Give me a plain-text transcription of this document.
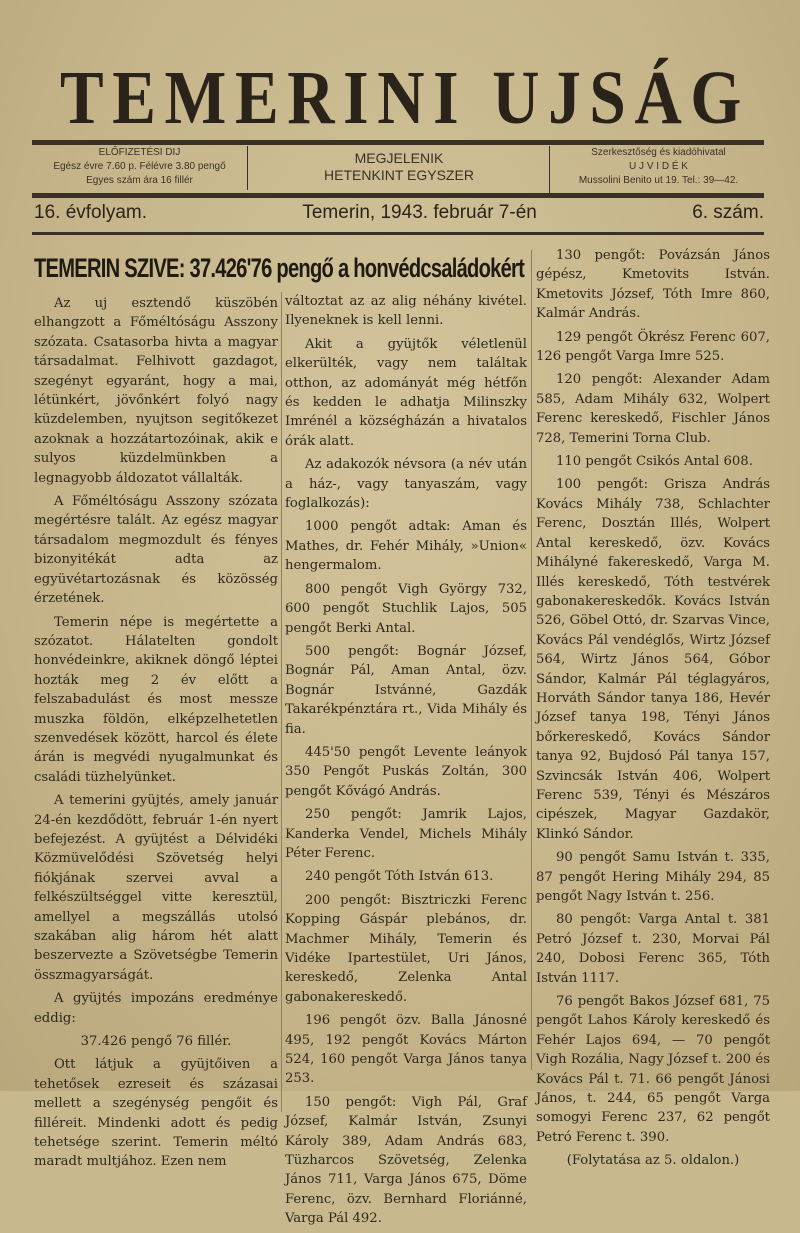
TEMERINI UJSÁG
ELŐFIZETÉSI DIJ
Egész évre 7.60 p. Félévre 3.80 pengő
Egyes szám ára 16 fillér
MEGJELENIK
HETENKINT EGYSZER
Szerkesztőség és kiadóhivatal
U J V I D É K
Mussolini Benito ut 19. Tel.: 39—42.
16. évfolyam.	Temerin, 1943. február 7-én	6. szám.
TEMERIN SZIVE: 37.426'76 pengő a honvédcsaládokért

Az uj esztendő küszöbén elhangzott a Főméltóságu Asszony szózata. Csatasorba hivta a magyar társadalmat. Felhivott gazdagot, szegényt egyaránt, hogy a mai, létünkért, jövőnkért folyó nagy küzdelemben, nyujtson segitőkezet azoknak a hozzátartozóinak, akik e sulyos küzdelmünkben a legnagyobb áldozatot vállalták.

A Főméltóságu Asszony szózata megértésre talált. Az egész magyar társadalom megmozdult és fényes bizonyitékát adta az együvétartozásnak és közösség érzetének.

Temerin népe is megértette a szózatot. Hálatelten gondolt honvédeinkre, akiknek döngő léptei hozták meg 2 év előtt a felszabadulást és most messze muszka földön, elképzelhetetlen szenvedések között, harcol és élete árán is megvédi nyugalmunkat és családi tüzhelyünket.

A temerini gyüjtés, amely január 24-én kezdődött, február 1-én nyert befejezést. A gyüjtést a Délvidéki Közmüvelődési Szövetség helyi fiókjának szervei avval a felkészültséggel vitte keresztül, amellyel a megszállás utolsó szakában alig három hét alatt beszervezte a Szövetségbe Temerin összmagyarságát.

A gyüjtés impozáns eredménye eddig:

37.426 pengő 76 fillér.

Ott látjuk a gyüjtőiven a tehetősek ezreseit és százasai mellett a szegénység pengőit és filléreit. Mindenki adott és pedig tehetsége szerint. Temerin méltó maradt multjához. Ezen nem

változtat az az alig néhány kivétel. Ilyeneknek is kell lenni.

Akit a gyüjtők véletlenül elkerülték, vagy nem találtak otthon, az adományát még hétfőn és kedden le adhatja Milinszky Imrénél a községházán a hivatalos órák alatt.

Az adakozók névsora (a név után a ház-, vagy tanyaszám, vagy foglalkozás):

1000 pengőt adtak: Aman és Mathes, dr. Fehér Mihály, »Union« hengermalom.

800 pengőt Vigh György 732, 600 pengőt Stuchlik Lajos, 505 pengőt Berki Antal.

500 pengőt: Bognár József, Bognár Pál, Aman Antal, özv. Bognár Istvánné, Gazdák Takarékpénztára rt., Vida Mihály és fia.

445'50 pengőt Levente leányok 350 Pengőt Puskás Zoltán, 300 pengőt Kővágó András.

250 pengőt: Jamrik Lajos, Kanderka Vendel, Michels Mihály Péter Ferenc.

240 pengőt Tóth István 613.

200 pengőt: Bisztriczki Ferenc Kopping Gáspár plebános, dr. Machmer Mihály, Temerin és Vidéke Ipartestület, Uri János, kereskedő, Zelenka Antal gabonakereskedő.

196 pengőt özv. Balla Jánosné 495, 192 pengőt Kovács Márton 524, 160 pengőt Varga János tanya 253.

150 pengőt: Vigh Pál, Graf József, Kalmár István, Zsunyi Károly 389, Adam András 683, Tüzharcos Szövetség, Zelenka János 711, Varga János 675, Döme Ferenc, özv. Bernhard Floriánné, Varga Pál 492.

130 pengőt: Povázsán János gépész, Kmetovits István. Kmetovits József, Tóth Imre 860, Kalmár András.

129 pengőt Ökrész Ferenc 607, 126 pengőt Varga Imre 525.

120 pengőt: Alexander Adam 585, Adam Mihály 632, Wolpert Ferenc kereskedő, Fischler János 728, Temerini Torna Club.

110 pengőt Csikós Antal 608.

100 pengőt: Grisza András Kovács Mihály 738, Schlachter Ferenc, Dosztán Illés, Wolpert Antal kereskedő, özv. Kovács Mihályné fakereskedő, Varga M. Illés kereskedő, Tóth testvérek gabonakereskedők. Kovács István 526, Göbel Ottó, dr. Szarvas Vince, Kovács Pál vendéglős, Wirtz József 564, Wirtz János 564, Góbor Sándor, Kalmár Pál téglagyáros, Horváth Sándor tanya 186, Hevér József tanya 198, Tényi János bőrkereskedő, Kovács Sándor tanya 92, Bujdosó Pál tanya 157, Szvincsák István 406, Wolpert Ferenc 539, Tényi és Mészáros cipészek, Magyar Gazdakör, Klinkó Sándor.

90 pengőt Samu István t. 335, 87 pengőt Hering Mihály 294, 85 pengőt Nagy István t. 256.

80 pengőt: Varga Antal t. 381 Petró József t. 230, Morvai Pál 240, Dobosi Ferenc 365, Tóth István 1117.

76 pengőt Bakos József 681, 75 pengőt Lahos Károly kereskedő és Fehér Lajos 694, — 70 pengőt Vigh Rozália, Nagy József t. 200 és Kovács Pál t. 71. 66 pengőt Jánosi János, t. 244, 65 pengőt Varga somogyi Ferenc 237, 62 pengőt Petró Ferenc t. 390.

(Folytatása az 5. oldalon.)
